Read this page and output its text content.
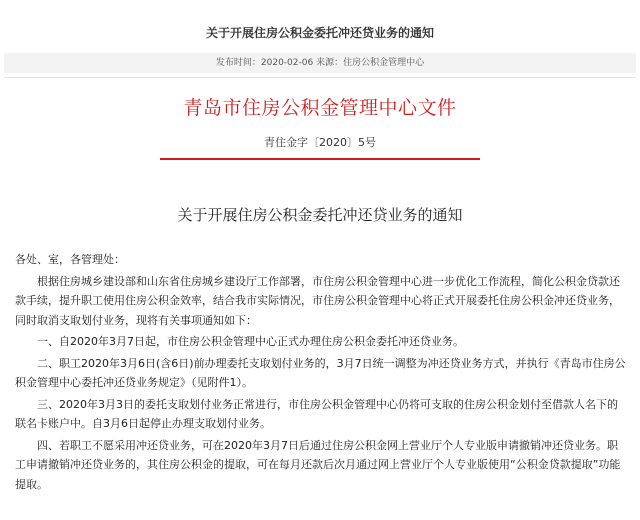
关于开展住房公积金委托冲还贷业务的通知
发布时间：2020-02-06 来源：住房公积金管理中心
青岛市住房公积金管理中心文件
青住金字〔2020〕5号
关于开展住房公积金委托冲还贷业务的通知

各处、室，各管理处：

根据住房城乡建设部和山东省住房城乡建设厅工作部署，市住房公积金管理中心进一步优化工作流程，简化公积金贷款还款手续，提升职工使用住房公积金效率，结合我市实际情况，市住房公积金管理中心将正式开展委托住房公积金冲还贷业务，同时取消支取划付业务，现将有关事项通知如下：

一、自2020年3月7日起，市住房公积金管理中心正式办理住房公积金委托冲还贷业务。

二、职工2020年3月6日(含6日)前办理委托支取划付业务的，3月7日统一调整为冲还贷业务方式，并执行《青岛市住房公积金管理中心委托冲还贷业务规定》（见附件1）。

三、2020年3月3日的委托支取划付业务正常进行，市住房公积金管理中心仍将可支取的住房公积金划付至借款人名下的联名卡账户中。自3月6日起停止办理支取划付业务。

四、若职工不愿采用冲还贷业务，可在2020年3月7日后通过住房公积金网上营业厅个人专业版申请撤销冲还贷业务。职工申请撤销冲还贷业务的，其住房公积金的提取，可在每月还款后次月通过网上营业厅个人专业版使用“公积金贷款提取”功能提取。
